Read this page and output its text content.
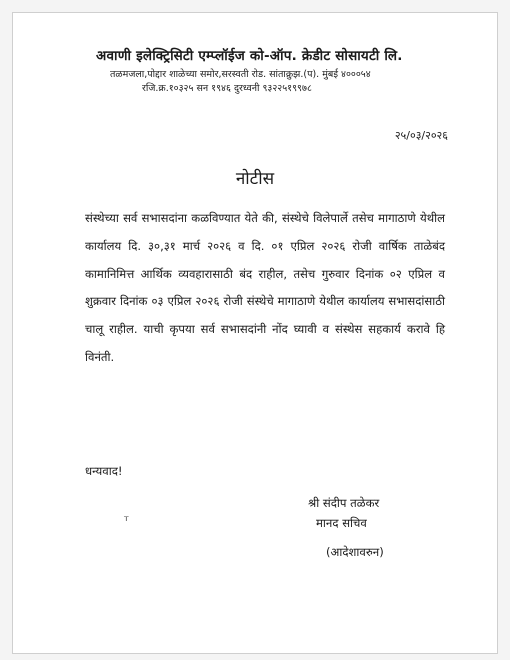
अवाणी इलेक्ट्रिसिटी एम्प्लॉईज को-ऑप. क्रेडीट सोसायटी लि.
तळमजला,पोद्दार शाळेच्या समोर,सरस्वती रोड. सांताक्रुझ.(प). मुंबई ४०००५४
रजि.क्र.१०३२५ सन १९४६ दुरध्वनी ९३२२५१९९७८
२५/०३/२०२६
नोटीस
संस्थेच्या सर्व सभासदांना कळविण्यात येते की, संस्थेचे विलेपार्ले तसेच मागाठाणे येथील कार्यालय दि. ३०,३१ मार्च २०२६ व दि. ०१ एप्रिल २०२६ रोजी वार्षिक ताळेबंद कामानिमित्त आर्थिक व्यवहारासाठी बंद राहील, तसेच गुरुवार दिनांक ०२ एप्रिल व शुक्रवार दिनांक ०३ एप्रिल २०२६ रोजी संस्थेचे मागाठाणे येथील कार्यालय सभासदांसाठी चालू राहील. याची कृपया सर्व सभासदांनी नोंद घ्यावी व संस्थेस सहकार्य करावे हि विनंती.
धन्यवाद!
ᵀ
श्री संदीप तळेकर
मानद सचिव
(आदेशावरुन)
